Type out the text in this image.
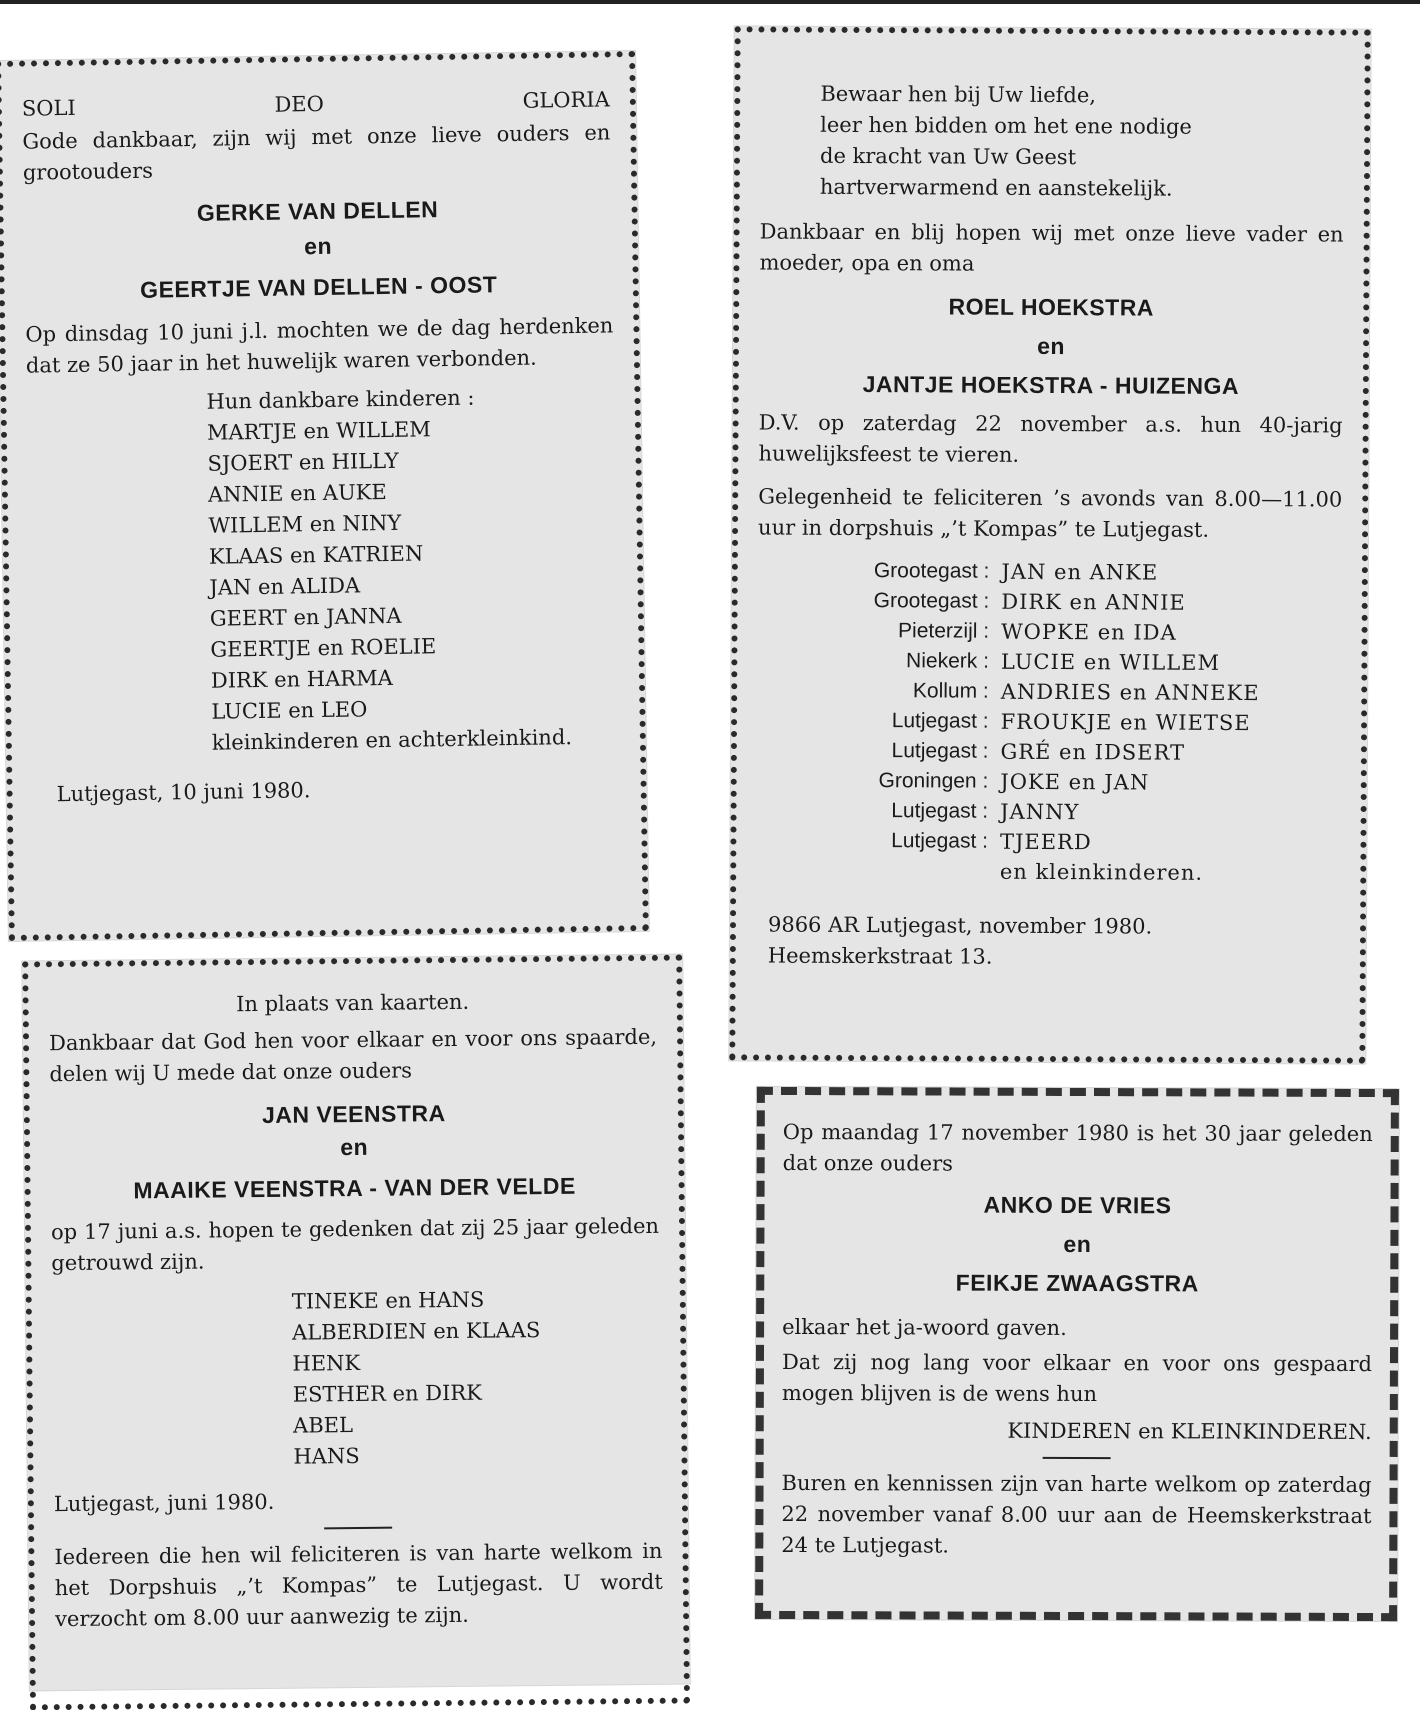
SOLI	DEO	GLORIA

Gode dankbaar, zijn wij met onze lieve ouders en grootouders

GERKE VAN DELLEN

en

GEERTJE VAN DELLEN - OOST

Op dinsdag 10 juni j.l. mochten we de dag herdenken dat ze 50 jaar in het huwelijk waren verbonden.

Hun dankbare kinderen :

MARTJE en WILLEM

SJOERT en HILLY

ANNIE en AUKE

WILLEM en NINY

KLAAS en KATRIEN

JAN en ALIDA

GEERT en JANNA

GEERTJE en ROELIE

DIRK en HARMA

LUCIE en LEO

kleinkinderen en achterkleinkind.

Lutjegast, 10 juni 1980.

Bewaar hen bij Uw liefde,

leer hen bidden om het ene nodige

de kracht van Uw Geest

hartverwarmend en aanstekelijk.

Dankbaar en blij hopen wij met onze lieve vader en moeder, opa en oma

ROEL HOEKSTRA

en

JANTJE HOEKSTRA - HUIZENGA

D.V. op zaterdag 22 november a.s. hun 40-jarig huwelijksfeest te vieren.

Gelegenheid te feliciteren ’s avonds van 8.00—11.00 uur in dorpshuis „’t Kompas” te Lutjegast.

Grootegast :	JAN en ANKE
Grootegast :	DIRK en ANNIE
Pieterzijl :	WOPKE en IDA
Niekerk :	LUCIE en WILLEM
Kollum :	ANDRIES en ANNEKE
Lutjegast :	FROUKJE en WIETSE
Lutjegast :	GRÉ en IDSERT
Groningen :	JOKE en JAN
Lutjegast :	JANNY
Lutjegast :	TJEERD
	en kleinkinderen.

9866 AR Lutjegast, november 1980.

Heemskerkstraat 13.

In plaats van kaarten.

Dankbaar dat God hen voor elkaar en voor ons spaarde, delen wij U mede dat onze ouders

JAN VEENSTRA

en

MAAIKE VEENSTRA - VAN DER VELDE

op 17 juni a.s. hopen te gedenken dat zij 25 jaar geleden getrouwd zijn.

TINEKE en HANS

ALBERDIEN en KLAAS

HENK

ESTHER en DIRK

ABEL

HANS

Lutjegast, juni 1980.

Iedereen die hen wil feliciteren is van harte welkom in het Dorpshuis „’t Kompas” te Lutjegast. U wordt verzocht om 8.00 uur aanwezig te zijn.

Op maandag 17 november 1980 is het 30 jaar geleden dat onze ouders

ANKO DE VRIES

en

FEIKJE ZWAAGSTRA

elkaar het ja-woord gaven.

Dat zij nog lang voor elkaar en voor ons gespaard mogen blijven is de wens hun

KINDEREN en KLEINKINDEREN.

Buren en kennissen zijn van harte welkom op zaterdag 22 november vanaf 8.00 uur aan de Heemskerkstraat 24 te Lutjegast.
